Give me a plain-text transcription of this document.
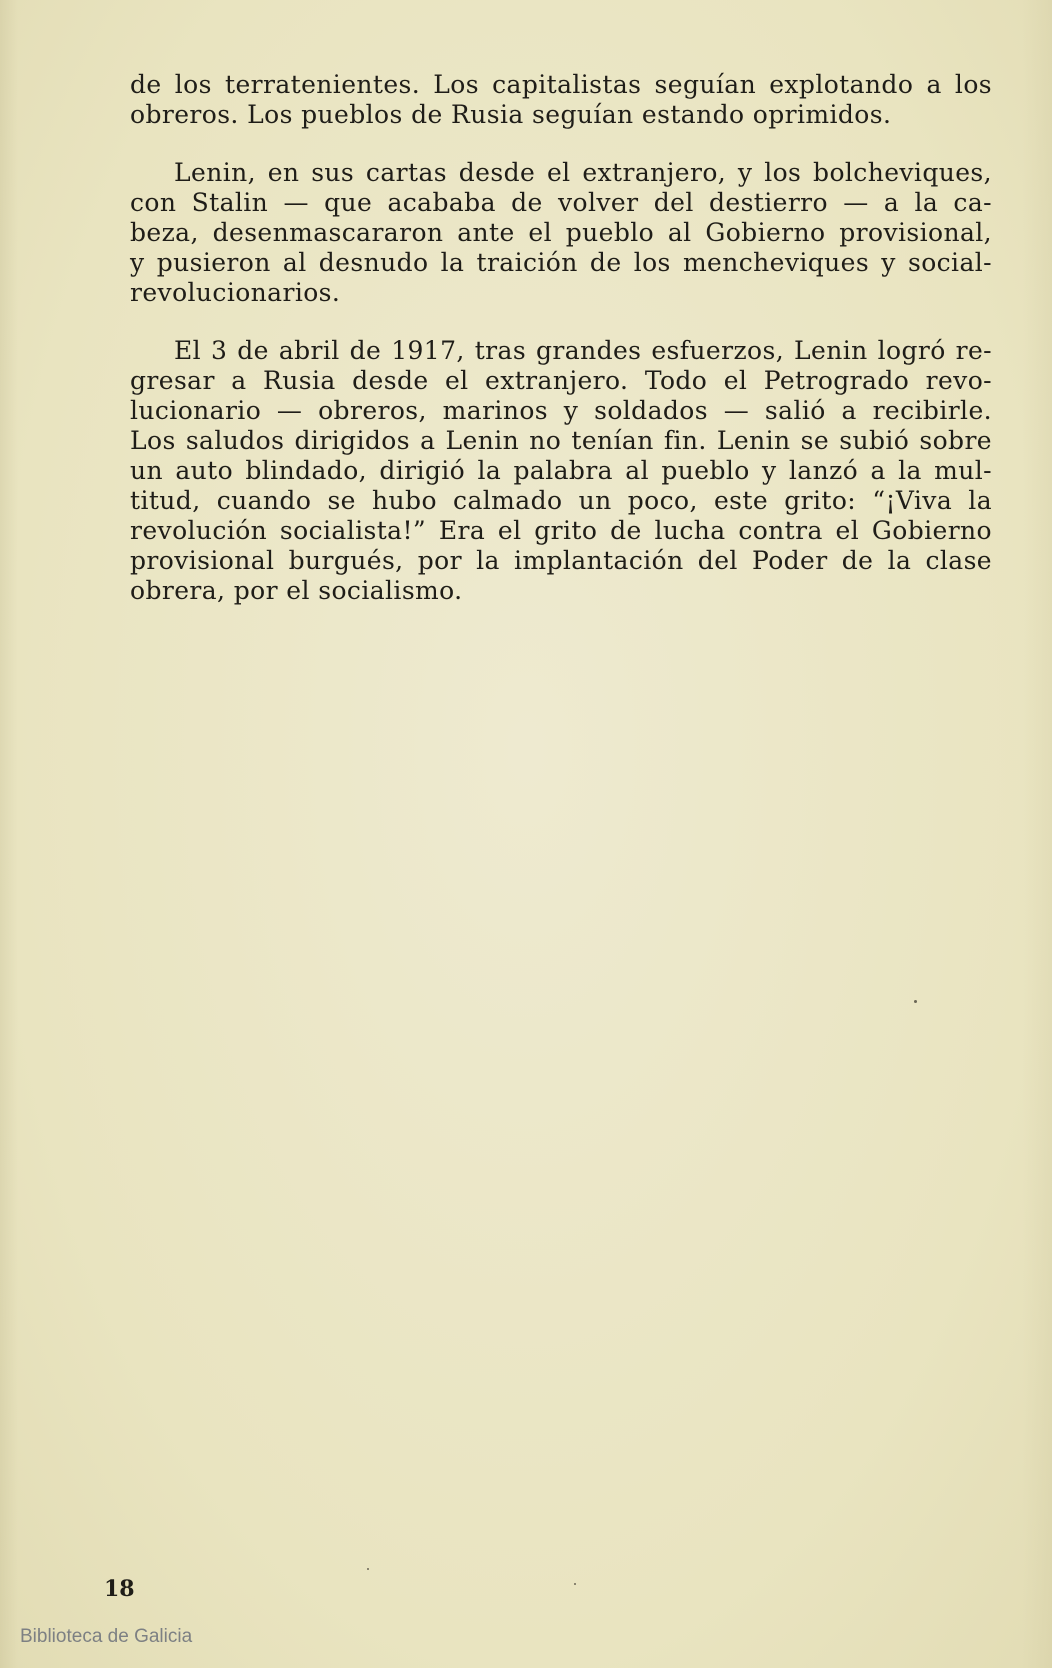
de los terratenientes. Los capitalistas seguían explotando a los
obreros. Los pueblos de Rusia seguían estando oprimidos.

Lenin, en sus cartas desde el extranjero, y los bolcheviques,
con Stalin — que acababa de volver del destierro — a la ca-
beza, desenmascararon ante el pueblo al Gobierno provisional,
y pusieron al desnudo la traición de los mencheviques y social-
revolucionarios.

El 3 de abril de 1917, tras grandes esfuerzos, Lenin logró re-
gresar a Rusia desde el extranjero. Todo el Petrogrado revo-
lucionario — obreros, marinos y soldados — salió a recibirle.
Los saludos dirigidos a Lenin no tenían fin. Lenin se subió sobre
un auto blindado, dirigió la palabra al pueblo y lanzó a la mul-
titud, cuando se hubo calmado un poco, este grito: “¡Viva la
revolución socialista!” Era el grito de lucha contra el Gobierno
provisional burgués, por la implantación del Poder de la clase
obrera, por el socialismo.

18
Biblioteca de Galicia
